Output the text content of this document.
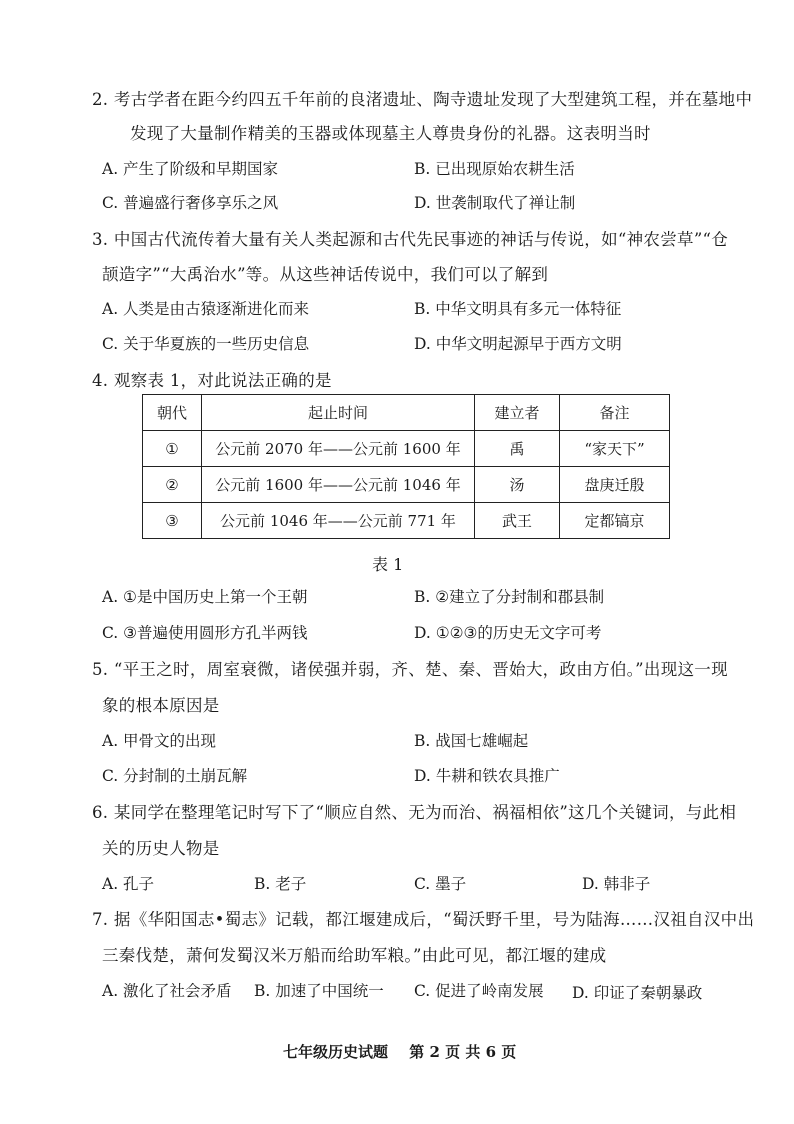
2. 考古学者在距今约四五千年前的良渚遗址、陶寺遗址发现了大型建筑工程，并在墓地中
发现了大量制作精美的玉器或体现墓主人尊贵身份的礼器。这表明当时
A. 产生了阶级和早期国家	B. 已出现原始农耕生活
C. 普遍盛行奢侈享乐之风	D. 世袭制取代了禅让制
3. 中国古代流传着大量有关人类起源和古代先民事迹的神话与传说，如“神农尝草”“仓
颉造字”“大禹治水”等。从这些神话传说中，我们可以了解到
A. 人类是由古猿逐渐进化而来	B. 中华文明具有多元一体特征
C. 关于华夏族的一些历史信息	D. 中华文明起源早于西方文明
4. 观察表 1，对此说法正确的是
朝代	起止时间	建立者	备注
①	公元前 2070 年——公元前 1600 年	禹	“家天下”
②	公元前 1600 年——公元前 1046 年	汤	盘庚迁殷
③	公元前 1046 年——公元前 771 年	武王	定都镐京
表 1
A. ①是中国历史上第一个王朝	B. ②建立了分封制和郡县制
C. ③普遍使用圆形方孔半两钱	D. ①②③的历史无文字可考
5. “平王之时，周室衰微，诸侯强并弱，齐、楚、秦、晋始大，政由方伯。”出现这一现
象的根本原因是
A. 甲骨文的出现	B. 战国七雄崛起
C. 分封制的土崩瓦解	D. 牛耕和铁农具推广
6. 某同学在整理笔记时写下了“顺应自然、无为而治、祸福相依”这几个关键词，与此相
关的历史人物是
A. 孔子	B. 老子	C. 墨子	D. 韩非子
7. 据《华阳国志•蜀志》记载，都江堰建成后，“蜀沃野千里，号为陆海……汉祖自汉中出
三秦伐楚，萧何发蜀汉米万船而给助军粮。”由此可见，都江堰的建成
A. 激化了社会矛盾 B. 加速了中国统一 C. 促进了岭南发展 D. 印证了秦朝暴政
七年级历史试题 第 2 页 共 6 页
